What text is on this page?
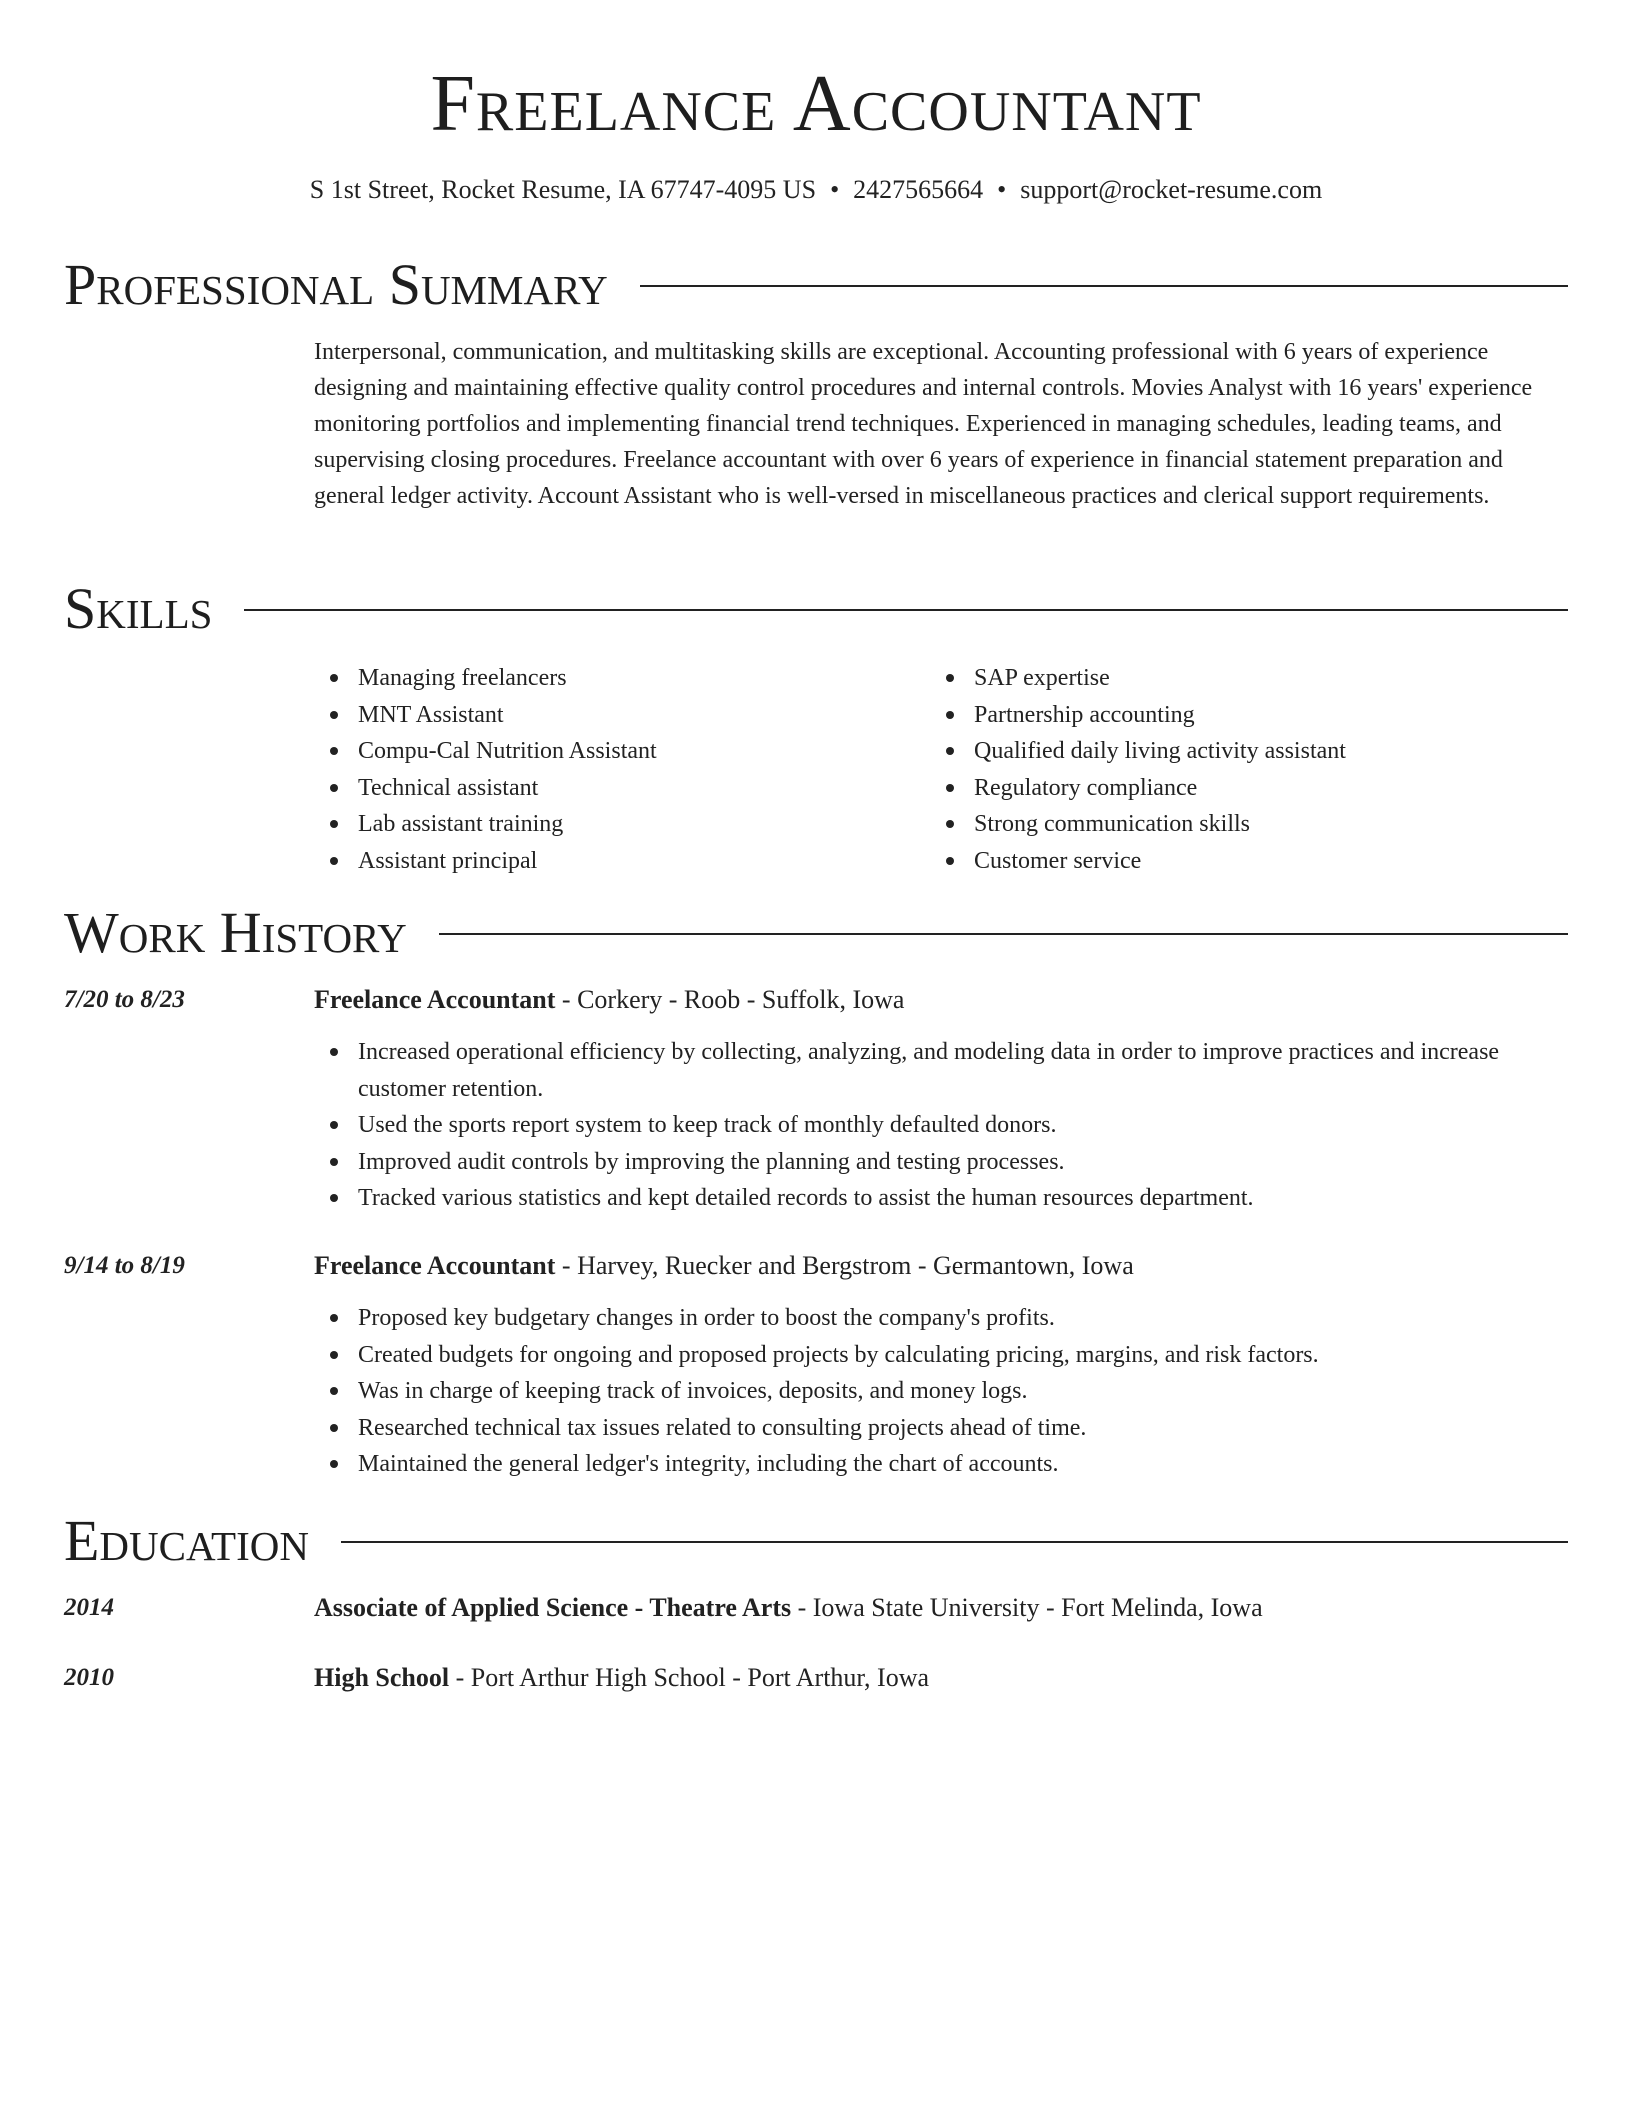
Freelance Accountant
S 1st Street, Rocket Resume, IA 67747-4095 US • 2427565664 • support@rocket-resume.com
Professional Summary
Interpersonal, communication, and multitasking skills are exceptional. Accounting professional with 6 years of experience designing and maintaining effective quality control procedures and internal controls. Movies Analyst with 16 years' experience monitoring portfolios and implementing financial trend techniques. Experienced in managing schedules, leading teams, and supervising closing procedures. Freelance accountant with over 6 years of experience in financial statement preparation and general ledger activity. Account Assistant who is well-versed in miscellaneous practices and clerical support requirements.
Skills
Managing freelancers
MNT Assistant
Compu-Cal Nutrition Assistant
Technical assistant
Lab assistant training
Assistant principal
SAP expertise
Partnership accounting
Qualified daily living activity assistant
Regulatory compliance
Strong communication skills
Customer service
Work History
7/20 to 8/23	Freelance Accountant - Corkery - Roob - Suffolk, Iowa
Increased operational efficiency by collecting, analyzing, and modeling data in order to improve practices and increase customer retention.
Used the sports report system to keep track of monthly defaulted donors.
Improved audit controls by improving the planning and testing processes.
Tracked various statistics and kept detailed records to assist the human resources department.
9/14 to 8/19	Freelance Accountant - Harvey, Ruecker and Bergstrom - Germantown, Iowa
Proposed key budgetary changes in order to boost the company's profits.
Created budgets for ongoing and proposed projects by calculating pricing, margins, and risk factors.
Was in charge of keeping track of invoices, deposits, and money logs.
Researched technical tax issues related to consulting projects ahead of time.
Maintained the general ledger's integrity, including the chart of accounts.
Education
2014	Associate of Applied Science - Theatre Arts - Iowa State University - Fort Melinda, Iowa
2010	High School - Port Arthur High School - Port Arthur, Iowa
